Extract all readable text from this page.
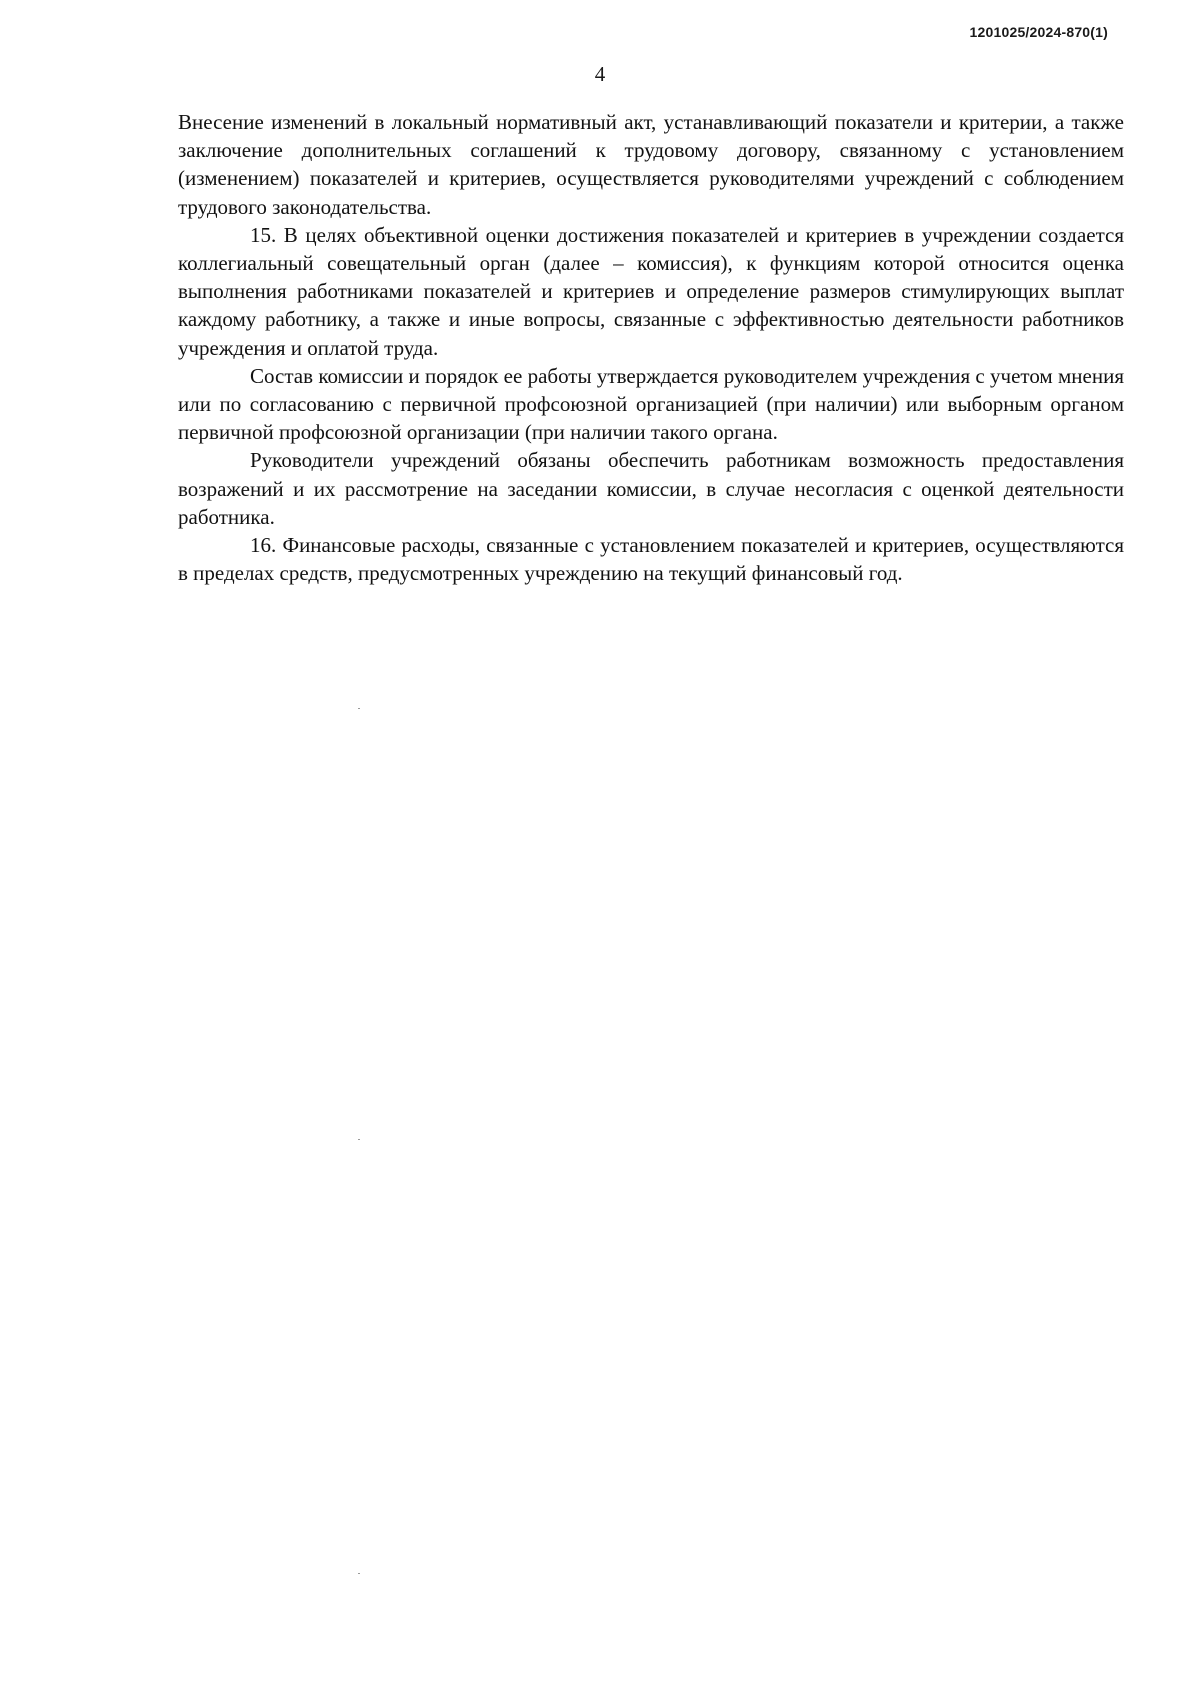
1201025/2024-870(1)
4

Внесение изменений в локальный нормативный акт, устанавливающий показатели и критерии, а также заключение дополнительных соглашений к трудовому договору, связанному с установлением (изменением) показателей и критериев, осуществляется руководителями учреждений с соблюдением трудового законодательства.

15. В целях объективной оценки достижения показателей и критериев в учреждении создается коллегиальный совещательный орган (далее – комиссия), к функциям которой относится оценка выполнения работниками показателей и критериев и определение размеров стимулирующих выплат каждому работнику, а также и иные вопросы, связанные с эффективностью деятельности работников учреждения и оплатой труда.

Состав комиссии и порядок ее работы утверждается руководителем учреждения с учетом мнения или по согласованию с первичной профсоюзной организацией (при наличии) или выборным органом первичной профсоюзной организации (при наличии такого органа.

Руководители учреждений обязаны обеспечить работникам возможность предоставления возражений и их рассмотрение на заседании комиссии, в случае несогласия с оценкой деятельности работника.

16. Финансовые расходы, связанные с установлением показателей и критериев, осуществляются в пределах средств, предусмотренных учреждению на текущий финансовый год.
